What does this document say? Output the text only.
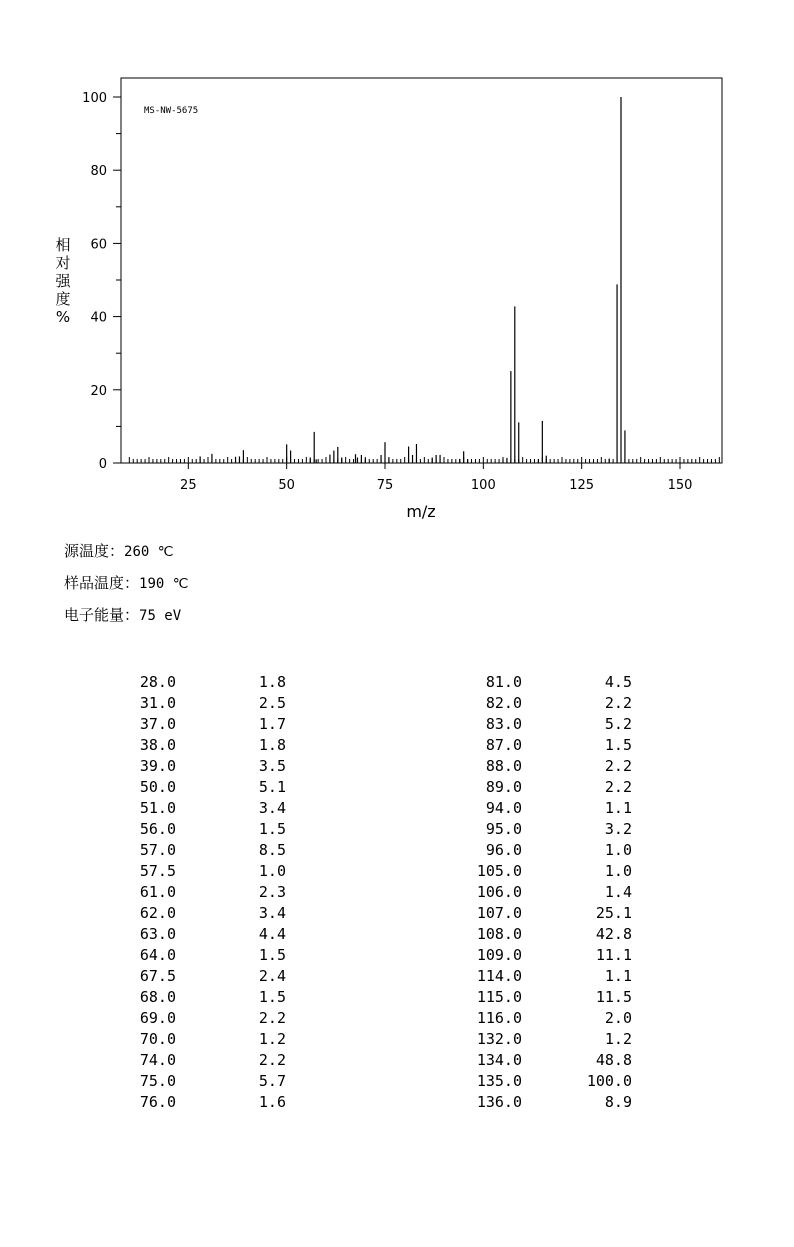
MS-NW-5675
0
20
40
60
80
100
25	50	75	100	125	150
m/z
相
对
强
度
%
源温度：260 ℃
样品温度：190 ℃
电子能量：75 eV
28.0	1.8
31.0	2.5
37.0	1.7
38.0	1.8
39.0	3.5
50.0	5.1
51.0	3.4
56.0	1.5
57.0	8.5
57.5	1.0
61.0	2.3
62.0	3.4
63.0	4.4
64.0	1.5
67.5	2.4
68.0	1.5
69.0	2.2
70.0	1.2
74.0	2.2
75.0	5.7
76.0	1.6
81.0	4.5
82.0	2.2
83.0	5.2
87.0	1.5
88.0	2.2
89.0	2.2
94.0	1.1
95.0	3.2
96.0	1.0
105.0	1.0
106.0	1.4
107.0	25.1
108.0	42.8
109.0	11.1
114.0	1.1
115.0	11.5
116.0	2.0
132.0	1.2
134.0	48.8
135.0	100.0
136.0	8.9
